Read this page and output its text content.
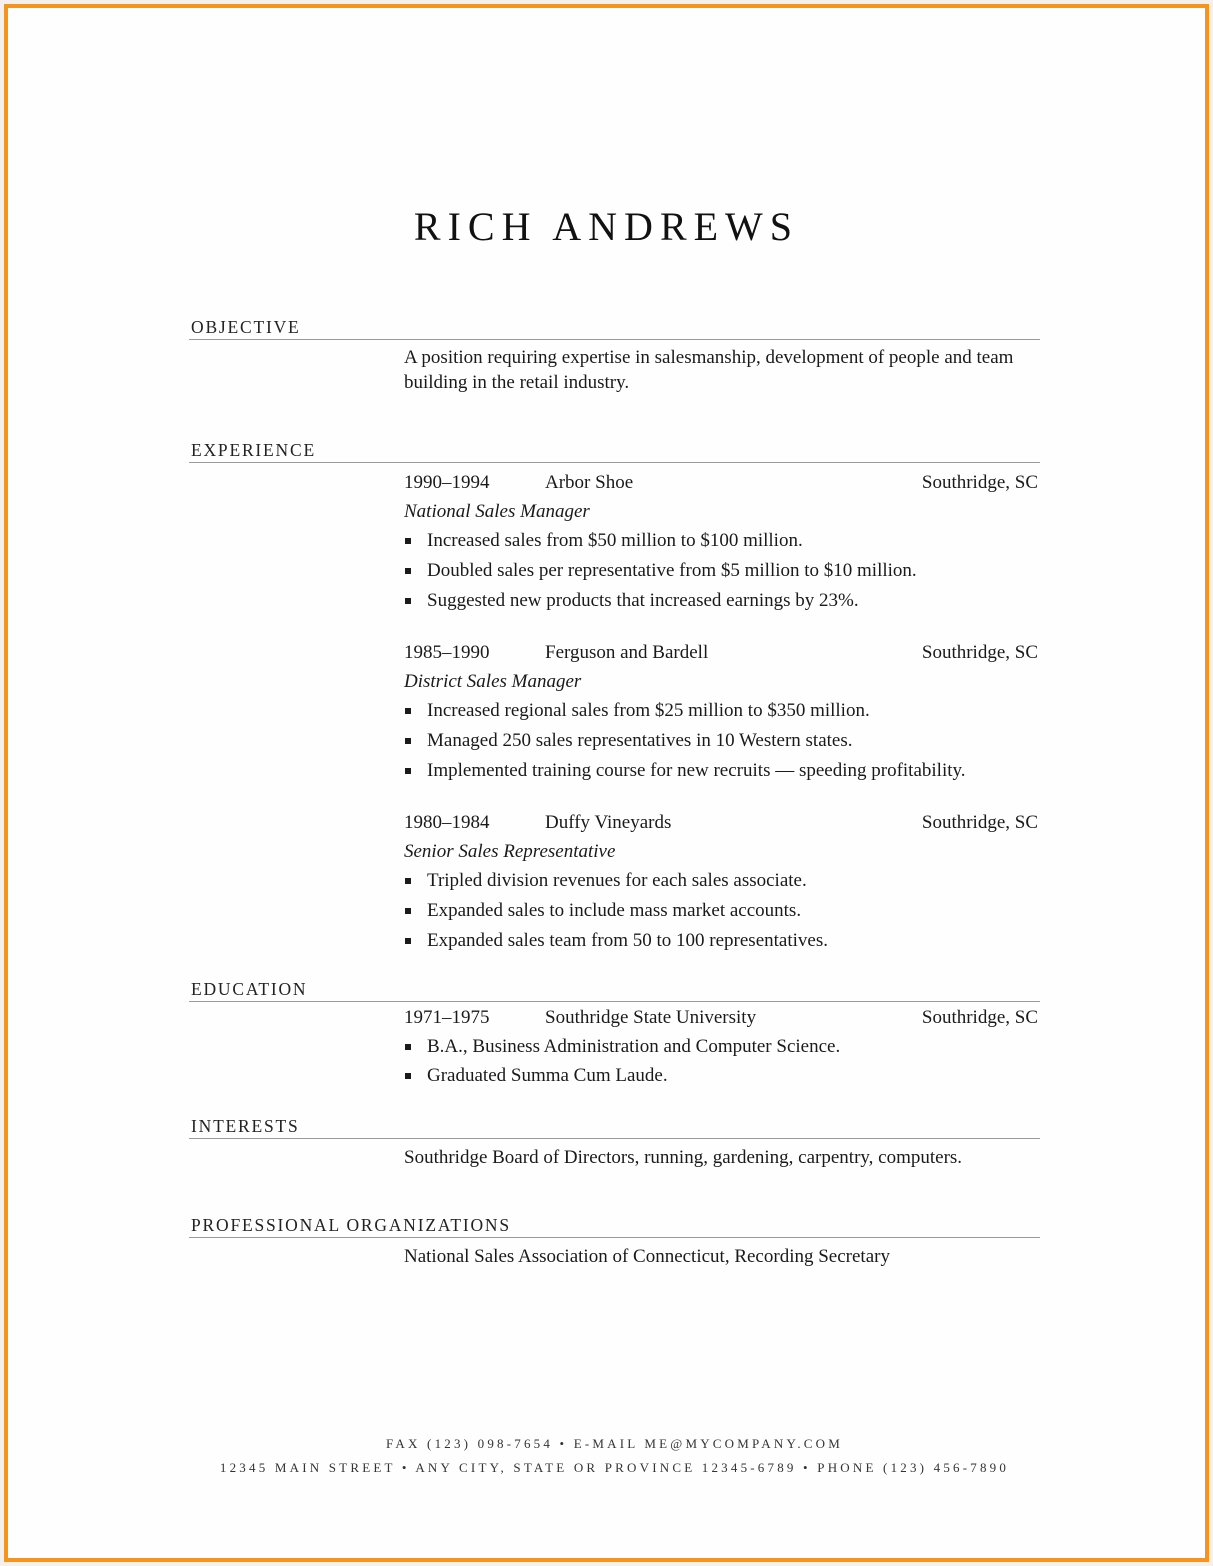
RICH ANDREWS
OBJECTIVE

A position requiring expertise in salesmanship, development of people and team building in the retail industry.

EXPERIENCE
1990–1994	Arbor Shoe	Southridge, SC
National Sales Manager
Increased sales from $50 million to $100 million.
Doubled sales per representative from $5 million to $10 million.
Suggested new products that increased earnings by 23%.
1985–1990	Ferguson and Bardell	Southridge, SC
District Sales Manager
Increased regional sales from $25 million to $350 million.
Managed 250 sales representatives in 10 Western states.
Implemented training course for new recruits — speeding profitability.
1980–1984	Duffy Vineyards	Southridge, SC
Senior Sales Representative
Tripled division revenues for each sales associate.
Expanded sales to include mass market accounts.
Expanded sales team from 50 to 100 representatives.
EDUCATION
1971–1975	Southridge State University	Southridge, SC
B.A., Business Administration and Computer Science.
Graduated Summa Cum Laude.
INTERESTS

Southridge Board of Directors, running, gardening, carpentry, computers.

PROFESSIONAL ORGANIZATIONS

National Sales Association of Connecticut, Recording Secretary

FAX (123) 098-7654 • E-MAIL ME@MYCOMPANY.COM
12345 MAIN STREET • ANY CITY, STATE OR PROVINCE 12345-6789 • PHONE (123) 456-7890
